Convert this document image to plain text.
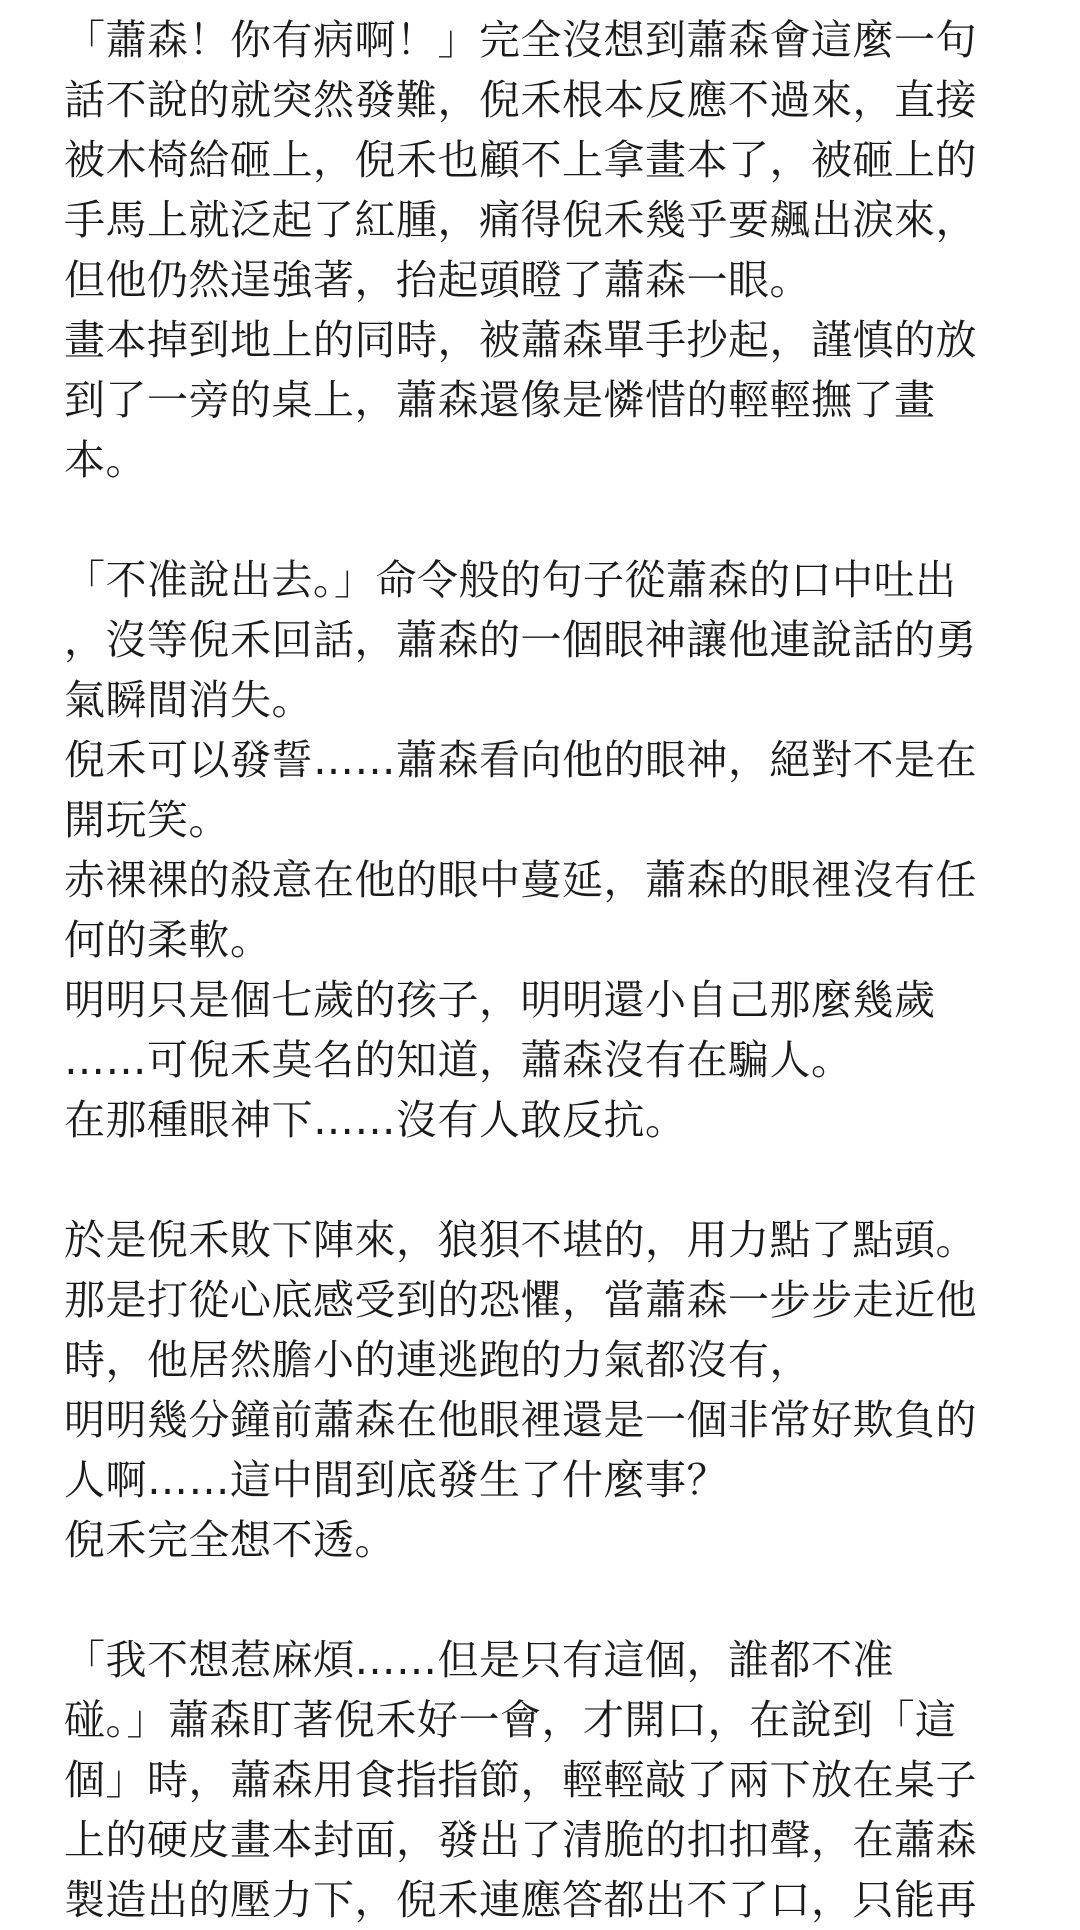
「蕭森！你有病啊！」完全沒想到蕭森會這麼一句
話不說的就突然發難，倪禾根本反應不過來，直接
被木椅給砸上，倪禾也顧不上拿畫本了，被砸上的
手馬上就泛起了紅腫，痛得倪禾幾乎要飆出淚來，
但他仍然逞強著，抬起頭瞪了蕭森一眼。

畫本掉到地上的同時，被蕭森單手抄起，謹慎的放
到了一旁的桌上，蕭森還像是憐惜的輕輕撫了畫
本。

「不准說出去。」命令般的句子從蕭森的口中吐出
，沒等倪禾回話，蕭森的一個眼神讓他連說話的勇
氣瞬間消失。

倪禾可以發誓……蕭森看向他的眼神，絕對不是在
開玩笑。

赤裸裸的殺意在他的眼中蔓延，蕭森的眼裡沒有任
何的柔軟。

明明只是個七歲的孩子，明明還小自己那麼幾歲
……可倪禾莫名的知道，蕭森沒有在騙人。

在那種眼神下……沒有人敢反抗。

於是倪禾敗下陣來，狼狽不堪的，用力點了點頭。

那是打從心底感受到的恐懼，當蕭森一步步走近他
時，他居然膽小的連逃跑的力氣都沒有，

明明幾分鐘前蕭森在他眼裡還是一個非常好欺負的
人啊……這中間到底發生了什麼事？

倪禾完全想不透。

「我不想惹麻煩……但是只有這個，誰都不准
碰。」蕭森盯著倪禾好一會，才開口，在說到「這
個」時，蕭森用食指指節，輕輕敲了兩下放在桌子
上的硬皮畫本封面，發出了清脆的扣扣聲，在蕭森
製造出的壓力下，倪禾連應答都出不了口，只能再
